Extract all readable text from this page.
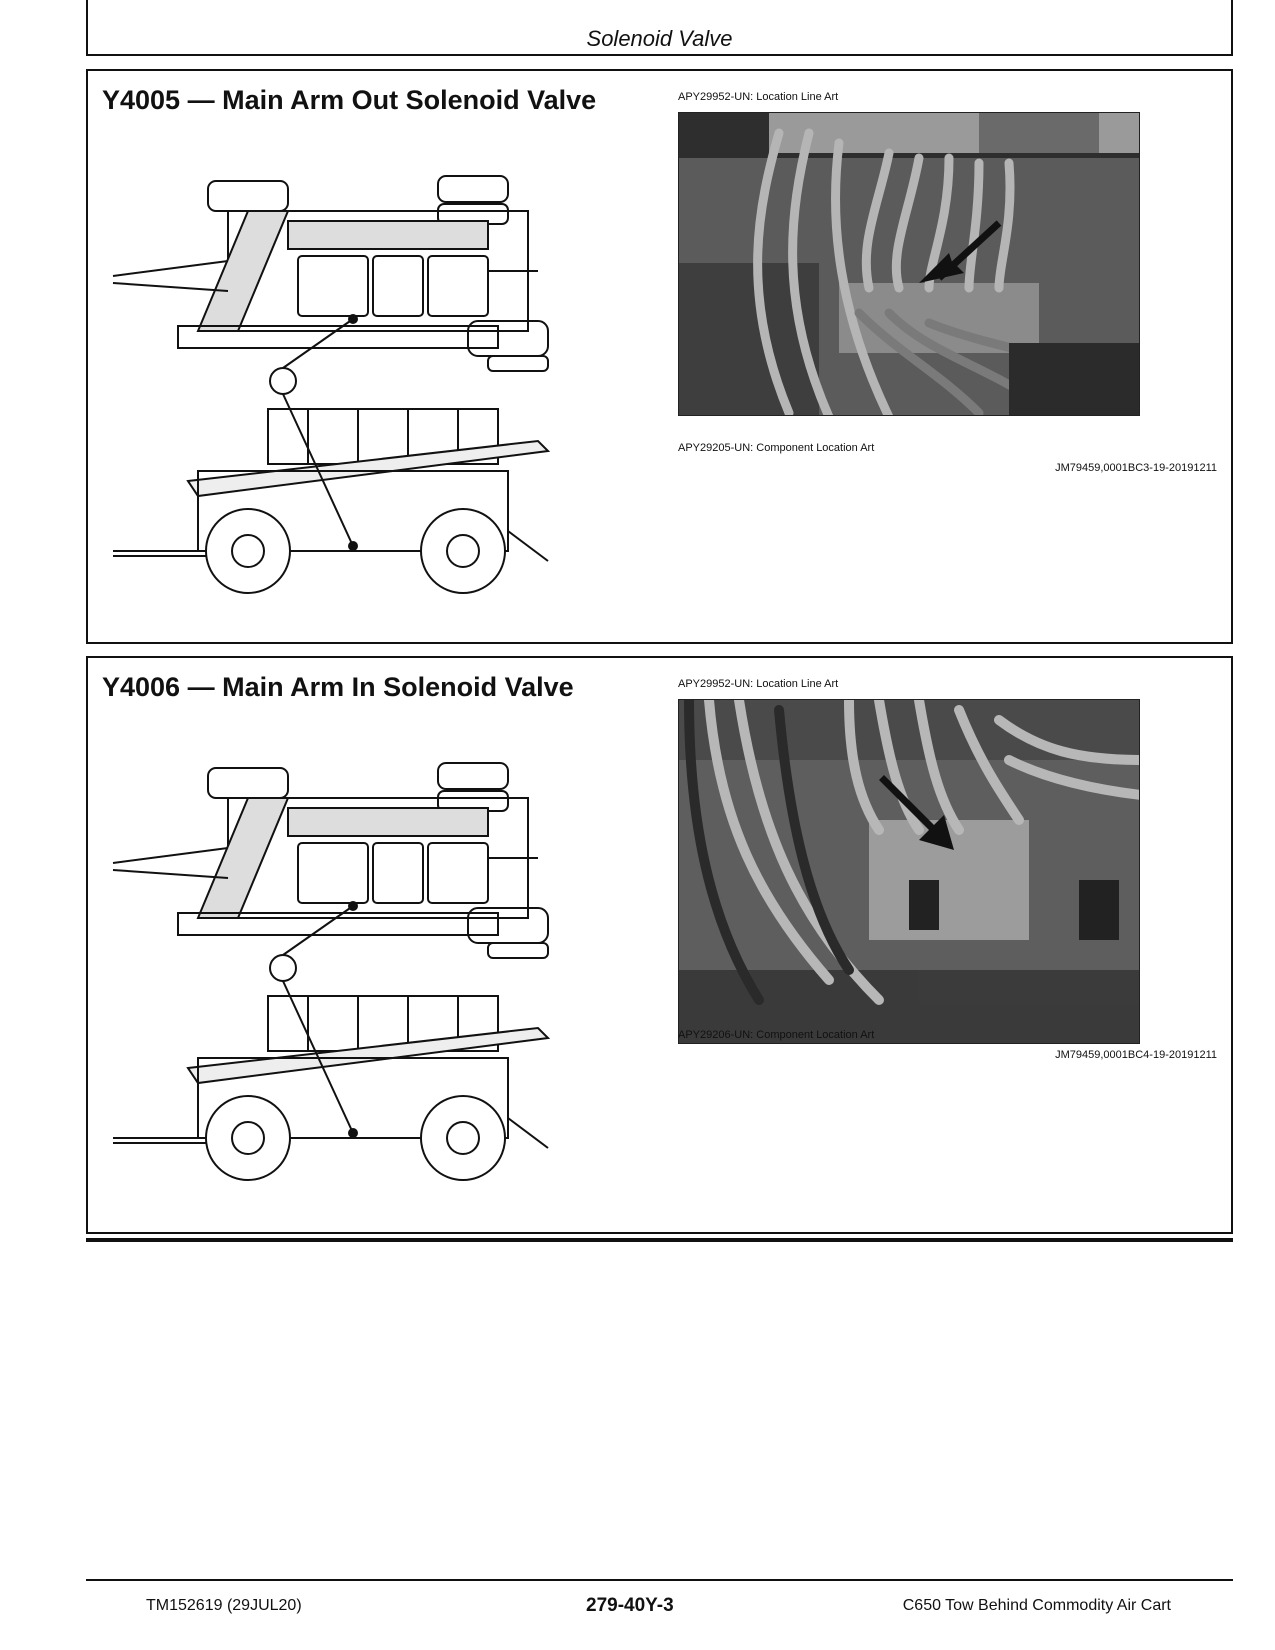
Solenoid Valve
Y4005 — Main Arm Out Solenoid Valve	APY29952-UN: Location Line Art
APY29205-UN: Component Location Art
JM79459,0001BC3-19-20191211
Y4006 — Main Arm In Solenoid Valve	APY29952-UN: Location Line Art
APY29206-UN: Component Location Art
JM79459,0001BC4-19-20191211
TM152619 (29JUL20)	279-40Y-3	C650 Tow Behind Commodity Air Cart
